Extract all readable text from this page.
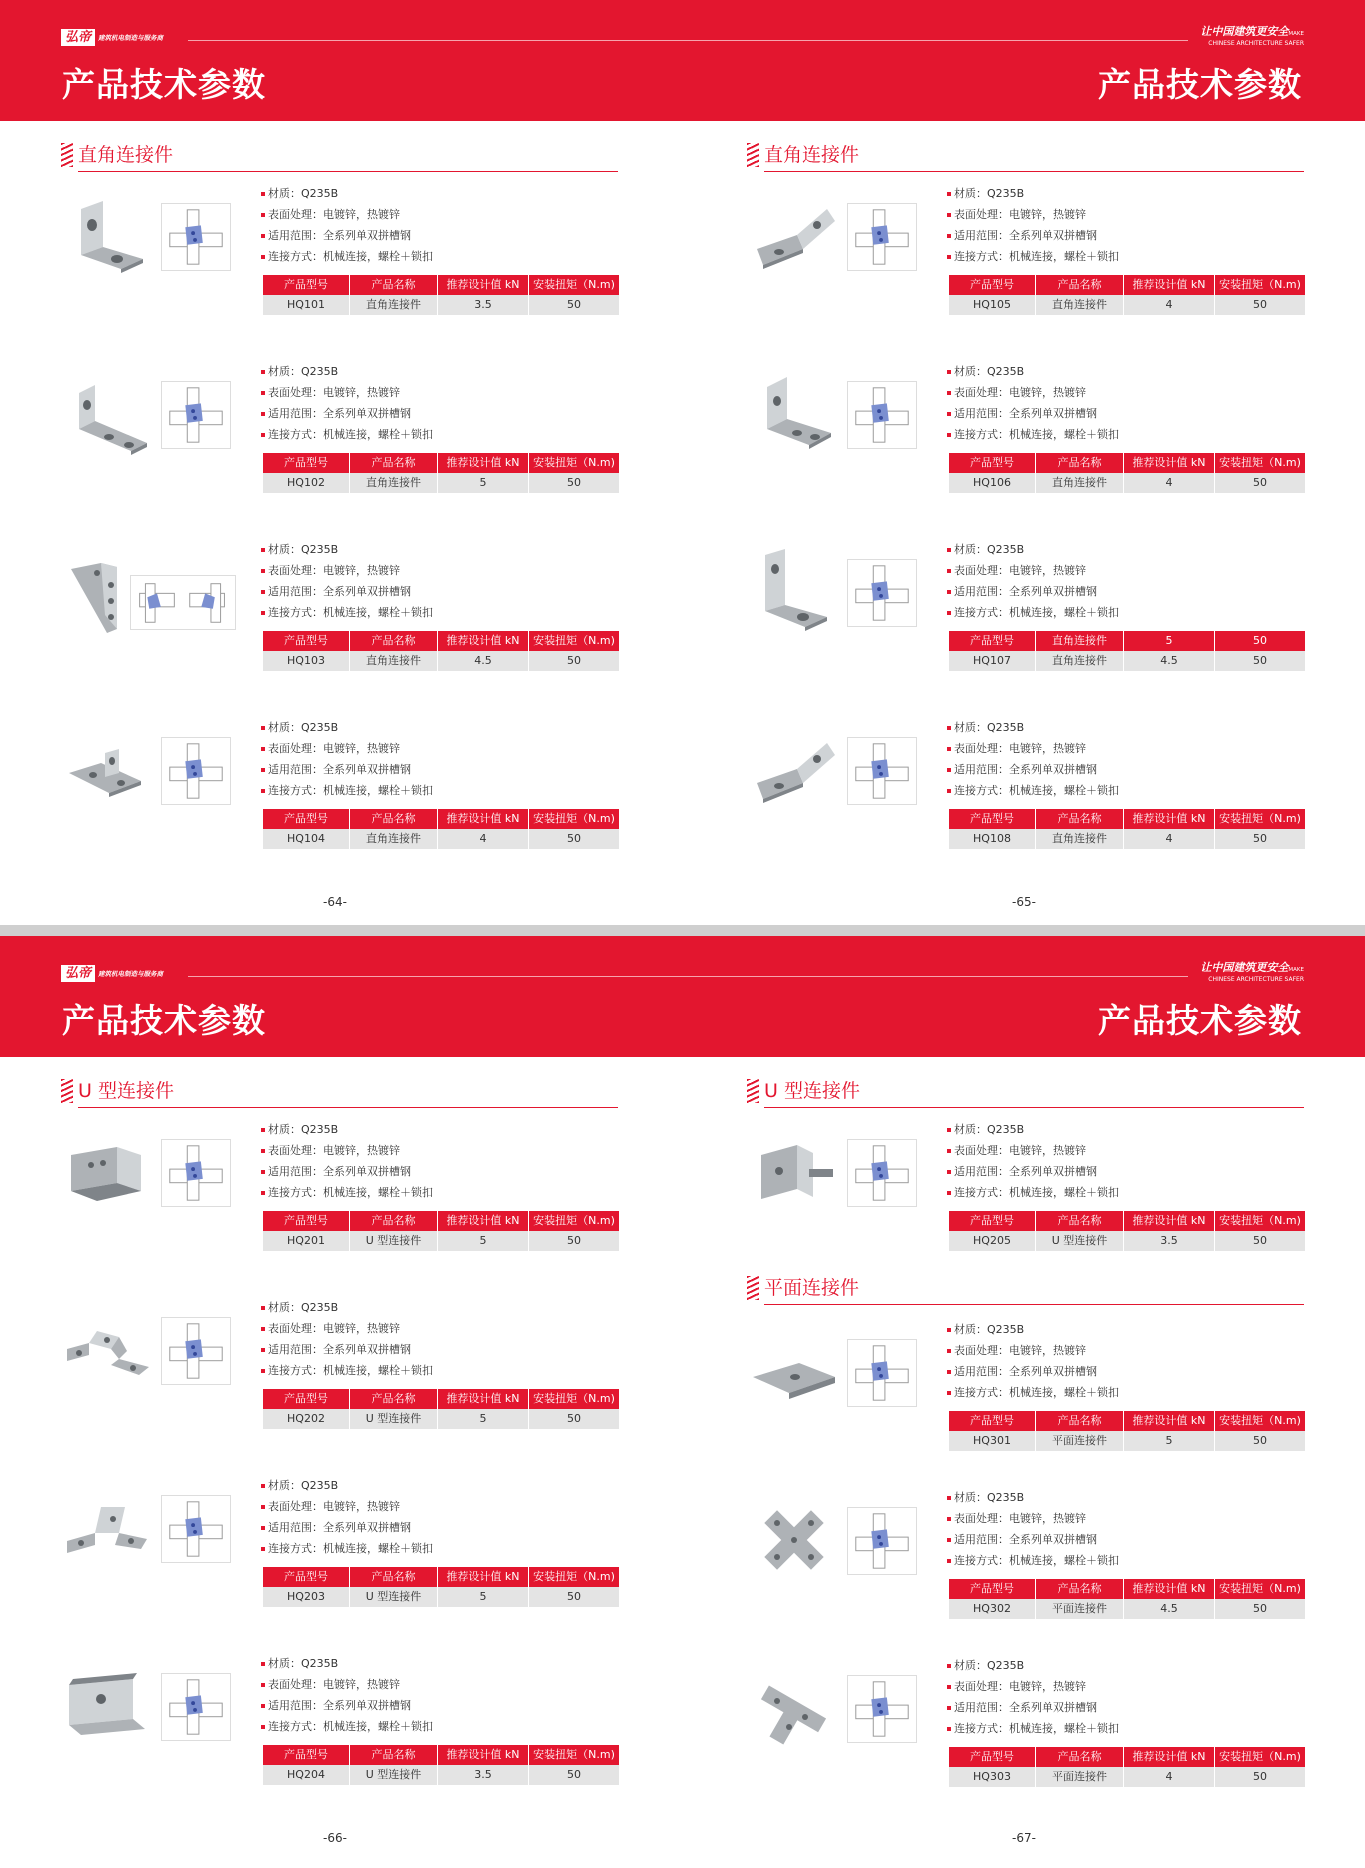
弘帝	建筑机电制造与服务商	让中国建筑更安全MAKE
CHINESE ARCHITECTURE SAFER
产品技术参数	产品技术参数
直角连接件
材质：Q235B
表面处理：电镀锌，热镀锌
适用范围：全系列单双拼槽钢
连接方式：机械连接，螺栓＋锁扣
产品型号	产品名称	推荐设计值 kN	安装扭矩（N.m)
HQ101	直角连接件	3.5	50
材质：Q235B
表面处理：电镀锌，热镀锌
适用范围：全系列单双拼槽钢
连接方式：机械连接，螺栓＋锁扣
产品型号	产品名称	推荐设计值 kN	安装扭矩（N.m)
HQ102	直角连接件	5	50
材质：Q235B
表面处理：电镀锌，热镀锌
适用范围：全系列单双拼槽钢
连接方式：机械连接，螺栓＋锁扣
产品型号	产品名称	推荐设计值 kN	安装扭矩（N.m)
HQ103	直角连接件	4.5	50
材质：Q235B
表面处理：电镀锌，热镀锌
适用范围：全系列单双拼槽钢
连接方式：机械连接，螺栓＋锁扣
产品型号	产品名称	推荐设计值 kN	安装扭矩（N.m)
HQ104	直角连接件	4	50
-64-
直角连接件
材质：Q235B
表面处理：电镀锌，热镀锌
适用范围：全系列单双拼槽钢
连接方式：机械连接，螺栓＋锁扣
产品型号	产品名称	推荐设计值 kN	安装扭矩（N.m)
HQ105	直角连接件	4	50
材质：Q235B
表面处理：电镀锌，热镀锌
适用范围：全系列单双拼槽钢
连接方式：机械连接，螺栓＋锁扣
产品型号	产品名称	推荐设计值 kN	安装扭矩（N.m)
HQ106	直角连接件	4	50
材质：Q235B
表面处理：电镀锌，热镀锌
适用范围：全系列单双拼槽钢
连接方式：机械连接，螺栓＋锁扣
产品型号	直角连接件	5	50
HQ107	直角连接件	4.5	50
材质：Q235B
表面处理：电镀锌，热镀锌
适用范围：全系列单双拼槽钢
连接方式：机械连接，螺栓＋锁扣
产品型号	产品名称	推荐设计值 kN	安装扭矩（N.m)
HQ108	直角连接件	4	50
-65-
弘帝	建筑机电制造与服务商	让中国建筑更安全MAKE
CHINESE ARCHITECTURE SAFER
产品技术参数	产品技术参数
U 型连接件
材质：Q235B
表面处理：电镀锌，热镀锌
适用范围：全系列单双拼槽钢
连接方式：机械连接，螺栓＋锁扣
产品型号	产品名称	推荐设计值 kN	安装扭矩（N.m)
HQ201	U 型连接件	5	50
材质：Q235B
表面处理：电镀锌，热镀锌
适用范围：全系列单双拼槽钢
连接方式：机械连接，螺栓＋锁扣
产品型号	产品名称	推荐设计值 kN	安装扭矩（N.m)
HQ202	U 型连接件	5	50
材质：Q235B
表面处理：电镀锌，热镀锌
适用范围：全系列单双拼槽钢
连接方式：机械连接，螺栓＋锁扣
产品型号	产品名称	推荐设计值 kN	安装扭矩（N.m)
HQ203	U 型连接件	5	50
材质：Q235B
表面处理：电镀锌，热镀锌
适用范围：全系列单双拼槽钢
连接方式：机械连接，螺栓＋锁扣
产品型号	产品名称	推荐设计值 kN	安装扭矩（N.m)
HQ204	U 型连接件	3.5	50
-66-
U 型连接件
材质：Q235B
表面处理：电镀锌，热镀锌
适用范围：全系列单双拼槽钢
连接方式：机械连接，螺栓＋锁扣
产品型号	产品名称	推荐设计值 kN	安装扭矩（N.m)
HQ205	U 型连接件	3.5	50
平面连接件
材质：Q235B
表面处理：电镀锌，热镀锌
适用范围：全系列单双拼槽钢
连接方式：机械连接，螺栓＋锁扣
产品型号	产品名称	推荐设计值 kN	安装扭矩（N.m)
HQ301	平面连接件	5	50
材质：Q235B
表面处理：电镀锌，热镀锌
适用范围：全系列单双拼槽钢
连接方式：机械连接，螺栓＋锁扣
产品型号	产品名称	推荐设计值 kN	安装扭矩（N.m)
HQ302	平面连接件	4.5	50
材质：Q235B
表面处理：电镀锌，热镀锌
适用范围：全系列单双拼槽钢
连接方式：机械连接，螺栓＋锁扣
产品型号	产品名称	推荐设计值 kN	安装扭矩（N.m)
HQ303	平面连接件	4	50
-67-
